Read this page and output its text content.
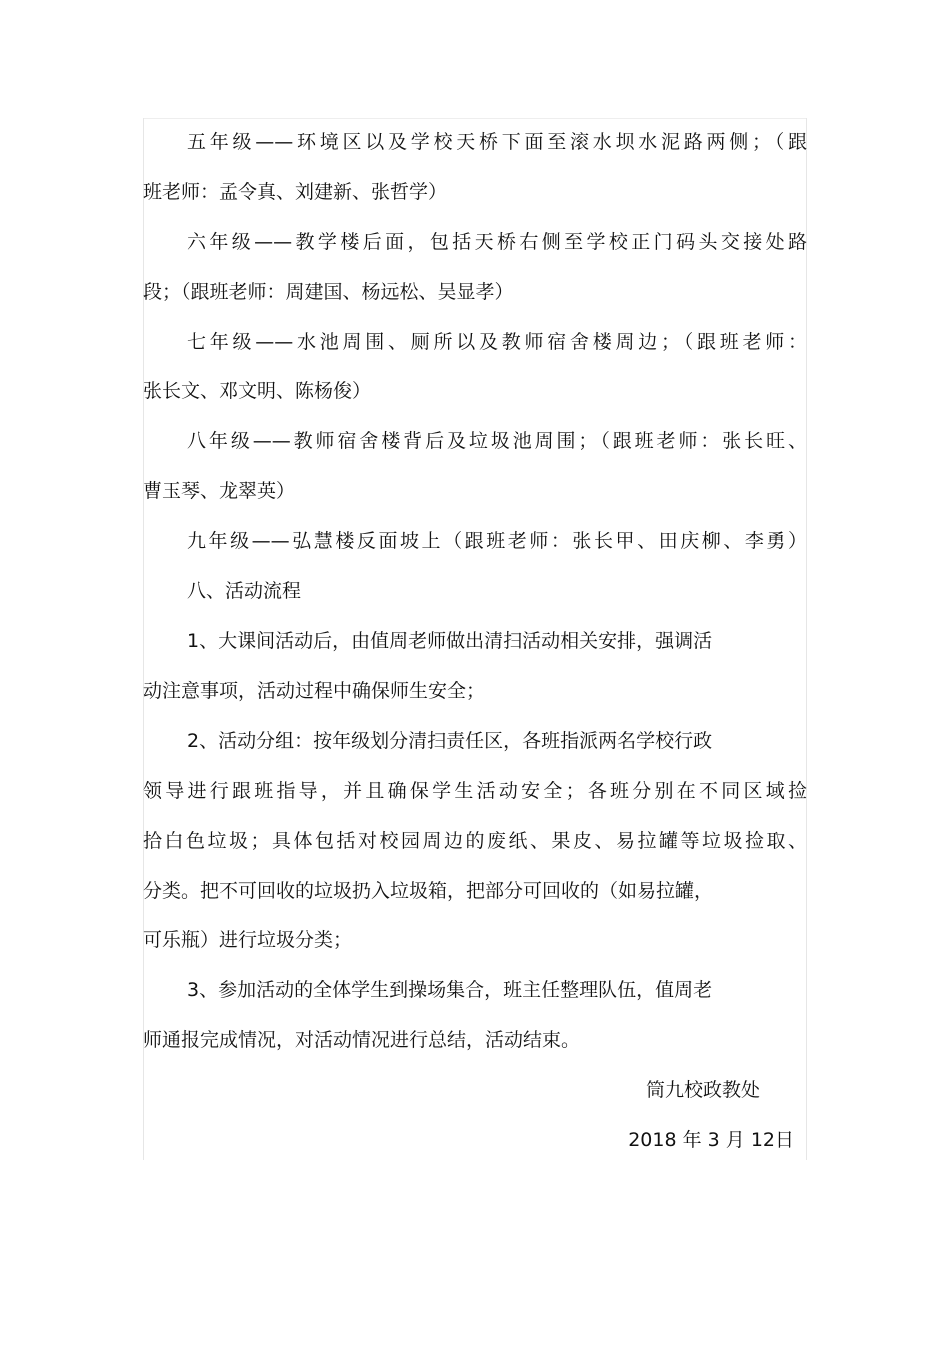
五年级——环境区以及学校天桥下面至滚水坝水泥路两侧；（跟
班老师：孟令真、刘建新、张哲学）
六年级——教学楼后面，包括天桥右侧至学校正门码头交接处路
段；（跟班老师：周建国、杨远松、吴显孝）
七年级——水池周围、厕所以及教师宿舍楼周边；（跟班老师：
张长文、邓文明、陈杨俊）
八年级——教师宿舍楼背后及垃圾池周围；（跟班老师：张长旺、
曹玉琴、龙翠英）
九年级——弘慧楼反面坡上（跟班老师：张长甲、田庆柳、李勇）
八、活动流程
1、大课间活动后，由值周老师做出清扫活动相关安排，强调活
动注意事项，活动过程中确保师生安全；
2、活动分组：按年级划分清扫责任区，各班指派两名学校行政
领导进行跟班指导，并且确保学生活动安全；各班分别在不同区域捡
拾白色垃圾；具体包括对校园周边的废纸、果皮、易拉罐等垃圾捡取、
分类。把不可回收的垃圾扔入垃圾箱，把部分可回收的（如易拉罐，
可乐瓶）进行垃圾分类；
3、参加活动的全体学生到操场集合，班主任整理队伍，值周老
师通报完成情况，对活动情况进行总结，活动结束。
筒九校政教处
2018 年 3 月 12日
